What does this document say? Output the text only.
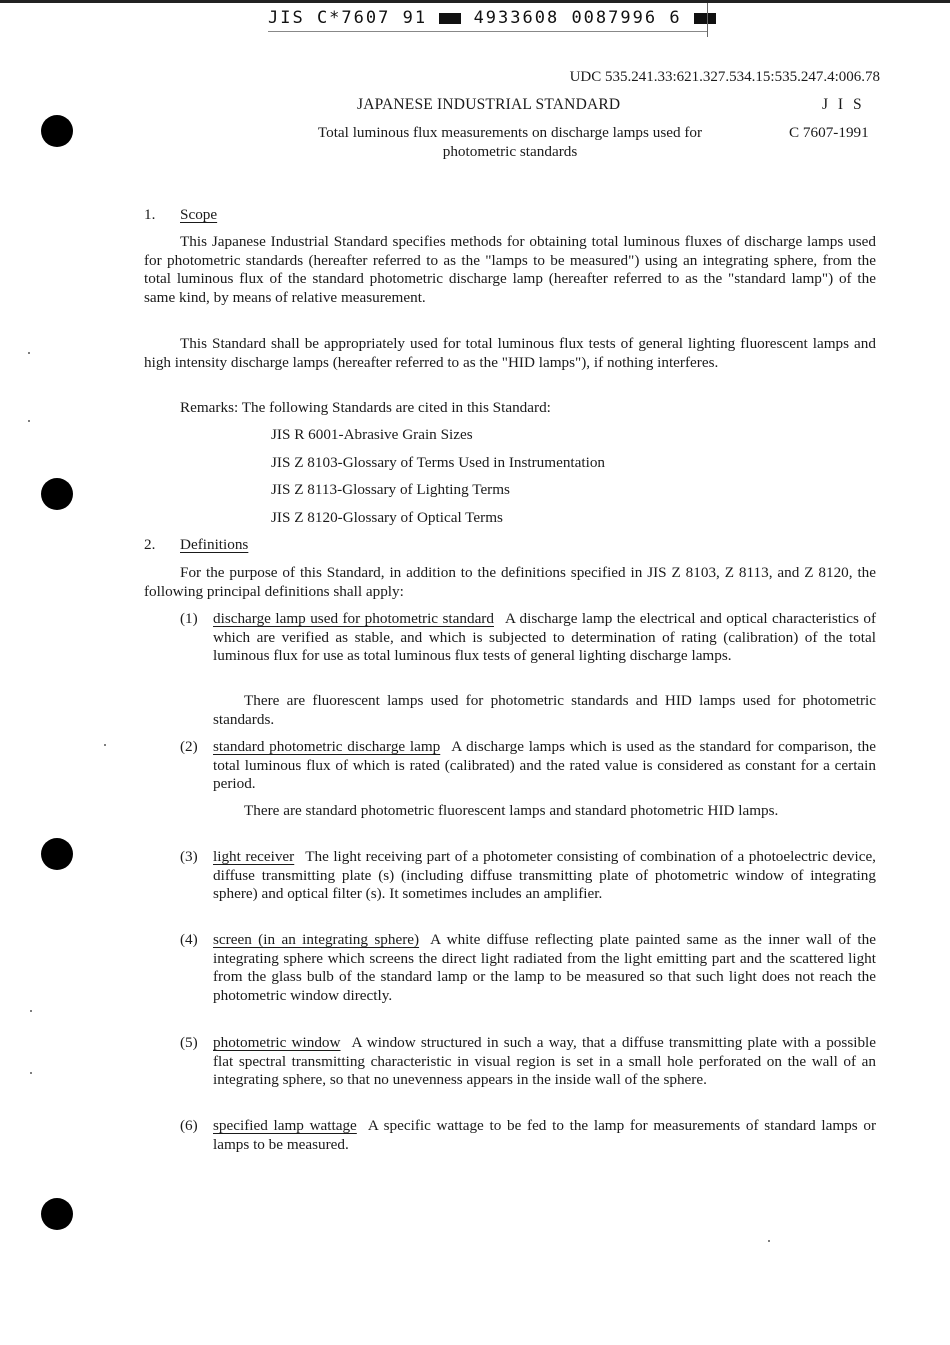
JIS C*7607 91	4933608 0087996 6
UDC 535.241.33:621.327.534.15:535.247.4:006.78
JAPANESE INDUSTRIAL STANDARD	J I S
Total luminous flux measurements on discharge lamps used for photometric standards
C 7607-1991
1. Scope
This Japanese Industrial Standard specifies methods for obtaining total luminous fluxes of discharge lamps used for photometric standards (hereafter referred to as the "lamps to be measured") using an integrating sphere, from the total luminous flux of the standard photometric discharge lamp (hereafter referred to as the "standard lamp") of the same kind, by means of relative measurement.
This Standard shall be appropriately used for total luminous flux tests of general lighting fluorescent lamps and high intensity discharge lamps (hereafter referred to as the "HID lamps"), if nothing interferes.
Remarks: The following Standards are cited in this Standard:
JIS R 6001-Abrasive Grain Sizes
JIS Z 8103-Glossary of Terms Used in Instrumentation
JIS Z 8113-Glossary of Lighting Terms
JIS Z 8120-Glossary of Optical Terms
2. Definitions
For the purpose of this Standard, in addition to the definitions specified in JIS Z 8103, Z 8113, and Z 8120, the following principal definitions shall apply:
(1) discharge lamp used for photometric standard A discharge lamp the electrical and optical characteristics of which are verified as stable, and which is subjected to determination of rating (calibration) of the total luminous flux for use as total luminous flux tests of general lighting discharge lamps.
There are fluorescent lamps used for photometric standards and HID lamps used for photometric standards.
(2) standard photometric discharge lamp A discharge lamps which is used as the standard for comparison, the total luminous flux of which is rated (calibrated) and the rated value is considered as constant for a certain period.
There are standard photometric fluorescent lamps and standard photometric HID lamps.
(3) light receiver The light receiving part of a photometer consisting of combination of a photoelectric device, diffuse transmitting plate (s) (including diffuse transmitting plate of photometric window of integrating sphere) and optical filter (s). It sometimes includes an amplifier.
(4) screen (in an integrating sphere) A white diffuse reflecting plate painted same as the inner wall of the integrating sphere which screens the direct light radiated from the light emitting part and the scattered light from the glass bulb of the standard lamp or the lamp to be measured so that such light does not reach the photometric window directly.
(5) photometric window A window structured in such a way, that a diffuse transmitting plate with a possible flat spectral transmitting characteristic in visual region is set in a small hole perforated on the wall of an integrating sphere, so that no unevenness appears in the inside wall of the sphere.
(6) specified lamp wattage A specific wattage to be fed to the lamp for measurements of standard lamps or lamps to be measured.
